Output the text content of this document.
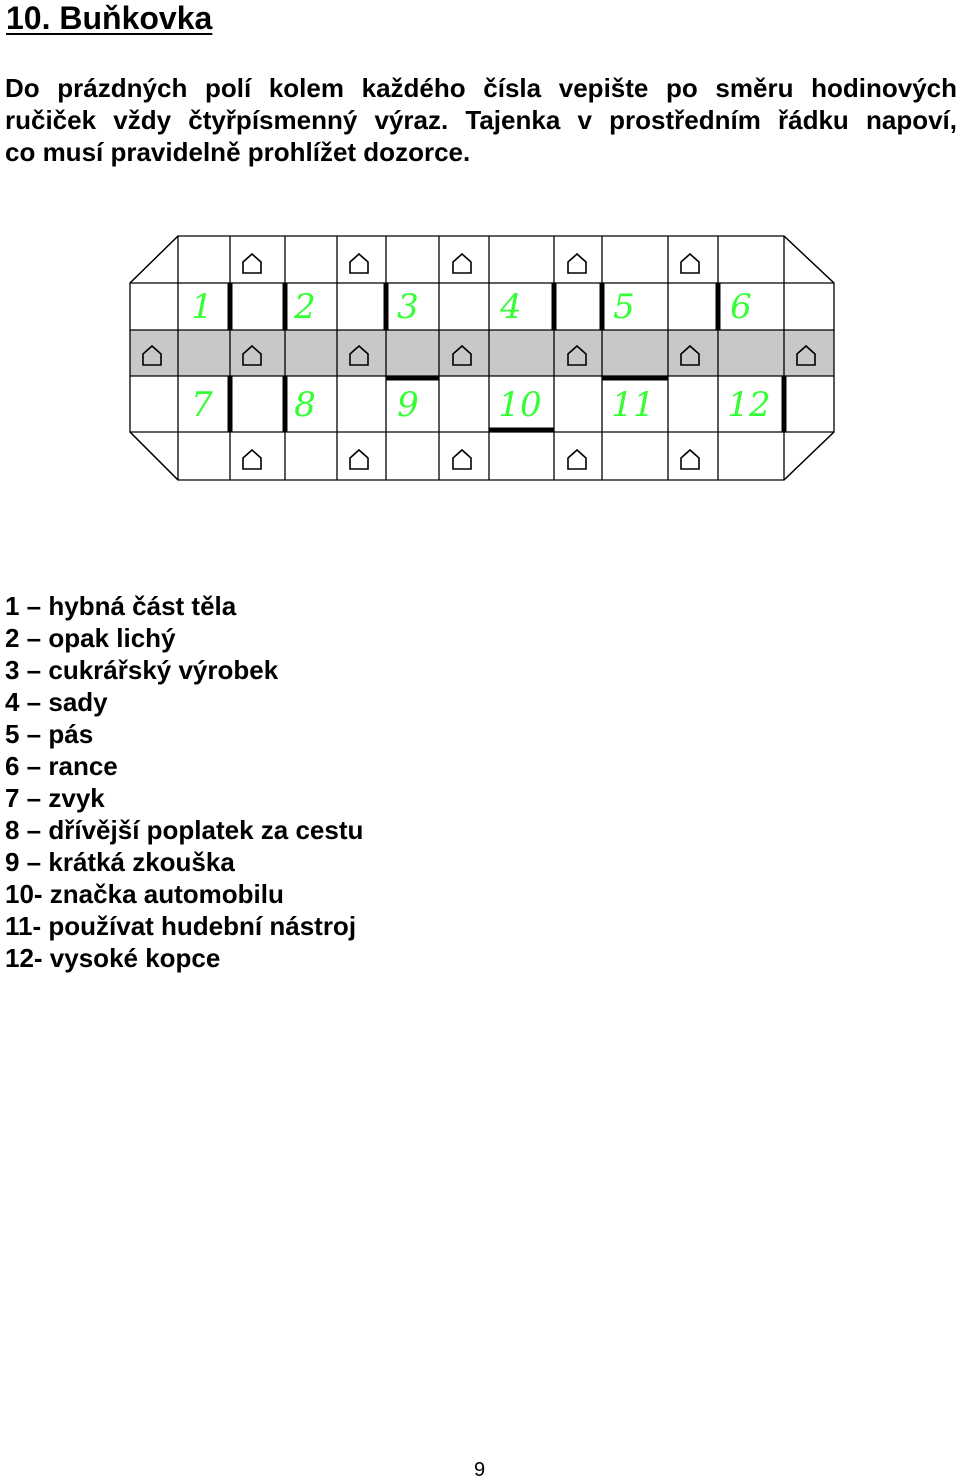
10. Buňkovka

Do prázdných polí kolem každého čísla vepište po směru hodinových
ručiček vždy čtyřpísmenný výraz. Tajenka v prostředním řádku napoví,
co musí pravidelně prohlížet dozorce.

1 2 3 4	5	6
7 8 9 10 11 12
1 – hybná část těla
2 – opak lichý
3 – cukrářský výrobek
4 – sady
5 – pás
6 – rance
7 – zvyk
8 – dřívější poplatek za cestu
9 – krátká zkouška
10- značka automobilu
11- používat hudební nástroj
12- vysoké kopce
9
